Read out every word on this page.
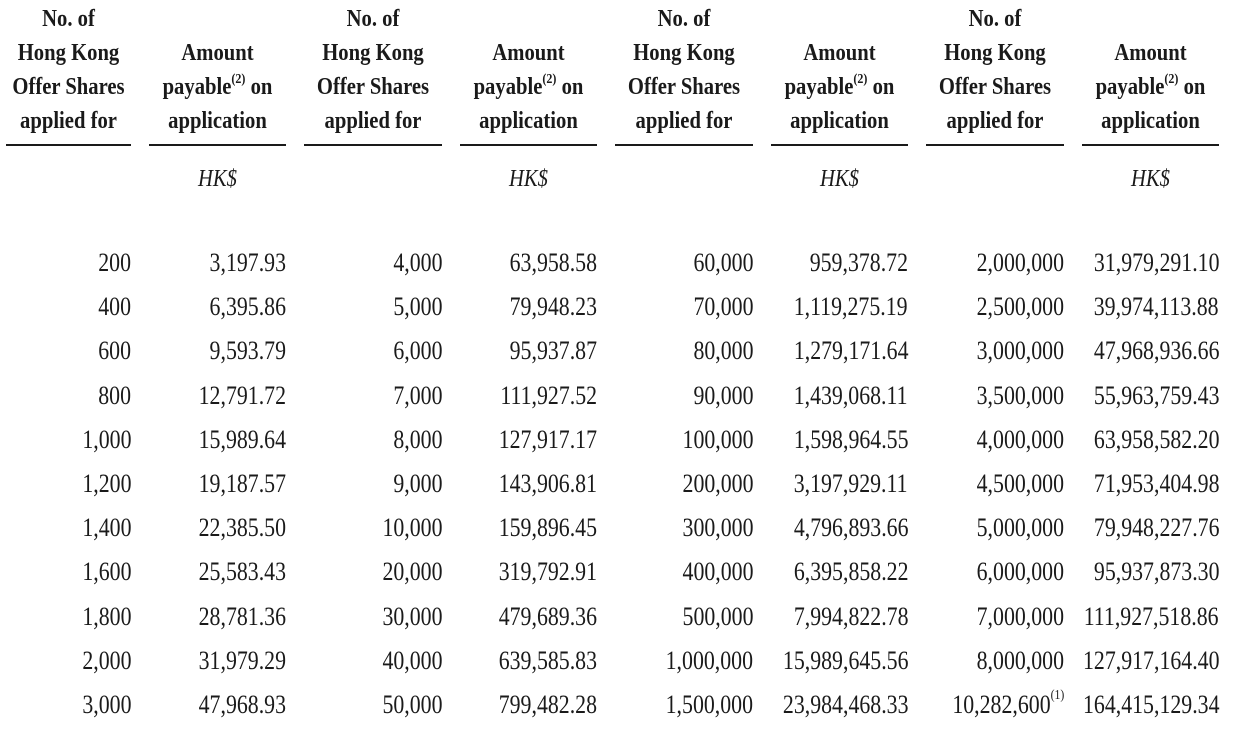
No. of
Hong Kong
Offer Shares
applied for
Amount
payable$^{(2)}$ on
application
HK$
200	3,197.93
400	6,395.86
600	9,593.79
800	12,791.72
1,000	15,989.64
1,200	19,187.57
1,400	22,385.50
1,600	25,583.43
1,800	28,781.36
2,000	31,979.29
3,000	47,968.93
No. of
Hong Kong
Offer Shares
applied for
Amount
payable$^{(2)}$ on
application
HK$
4,000	63,958.58
5,000	79,948.23
6,000	95,937.87
7,000 111,927.52
8,000 127,917.17
9,000 143,906.81
10,000 159,896.45
20,000 319,792.91
30,000 479,689.36
40,000 639,585.83
50,000 799,482.28
No. of
Hong Kong
Offer Shares
applied for
Amount
payable$^{(2)}$ on
application
HK$
60,000 959,378.72
70,000 1,119,275.19
80,000 1,279,171.64
90,000 1,439,068.11
100,000 1,598,964.55
200,000 3,197,929.11
300,000 4,796,893.66
400,000 6,395,858.22
500,000 7,994,822.78
1,000,000 15,989,645.56
1,500,000 23,984,468.33
No. of
Hong Kong
Offer Shares
applied for
Amount
payable$^{(2)}$ on
application
HK$
2,000,000 31,979,291.10
2,500,000 39,974,113.88
3,000,000 47,968,936.66
3,500,000 55,963,759.43
4,000,000 63,958,582.20
4,500,000 71,953,404.98
5,000,000 79,948,227.76
6,000,000 95,937,873.30
7,000,000 111,927,518.86
8,000,000 127,917,164.40
10,282,600$^{(1)}$ 164,415,129.34
